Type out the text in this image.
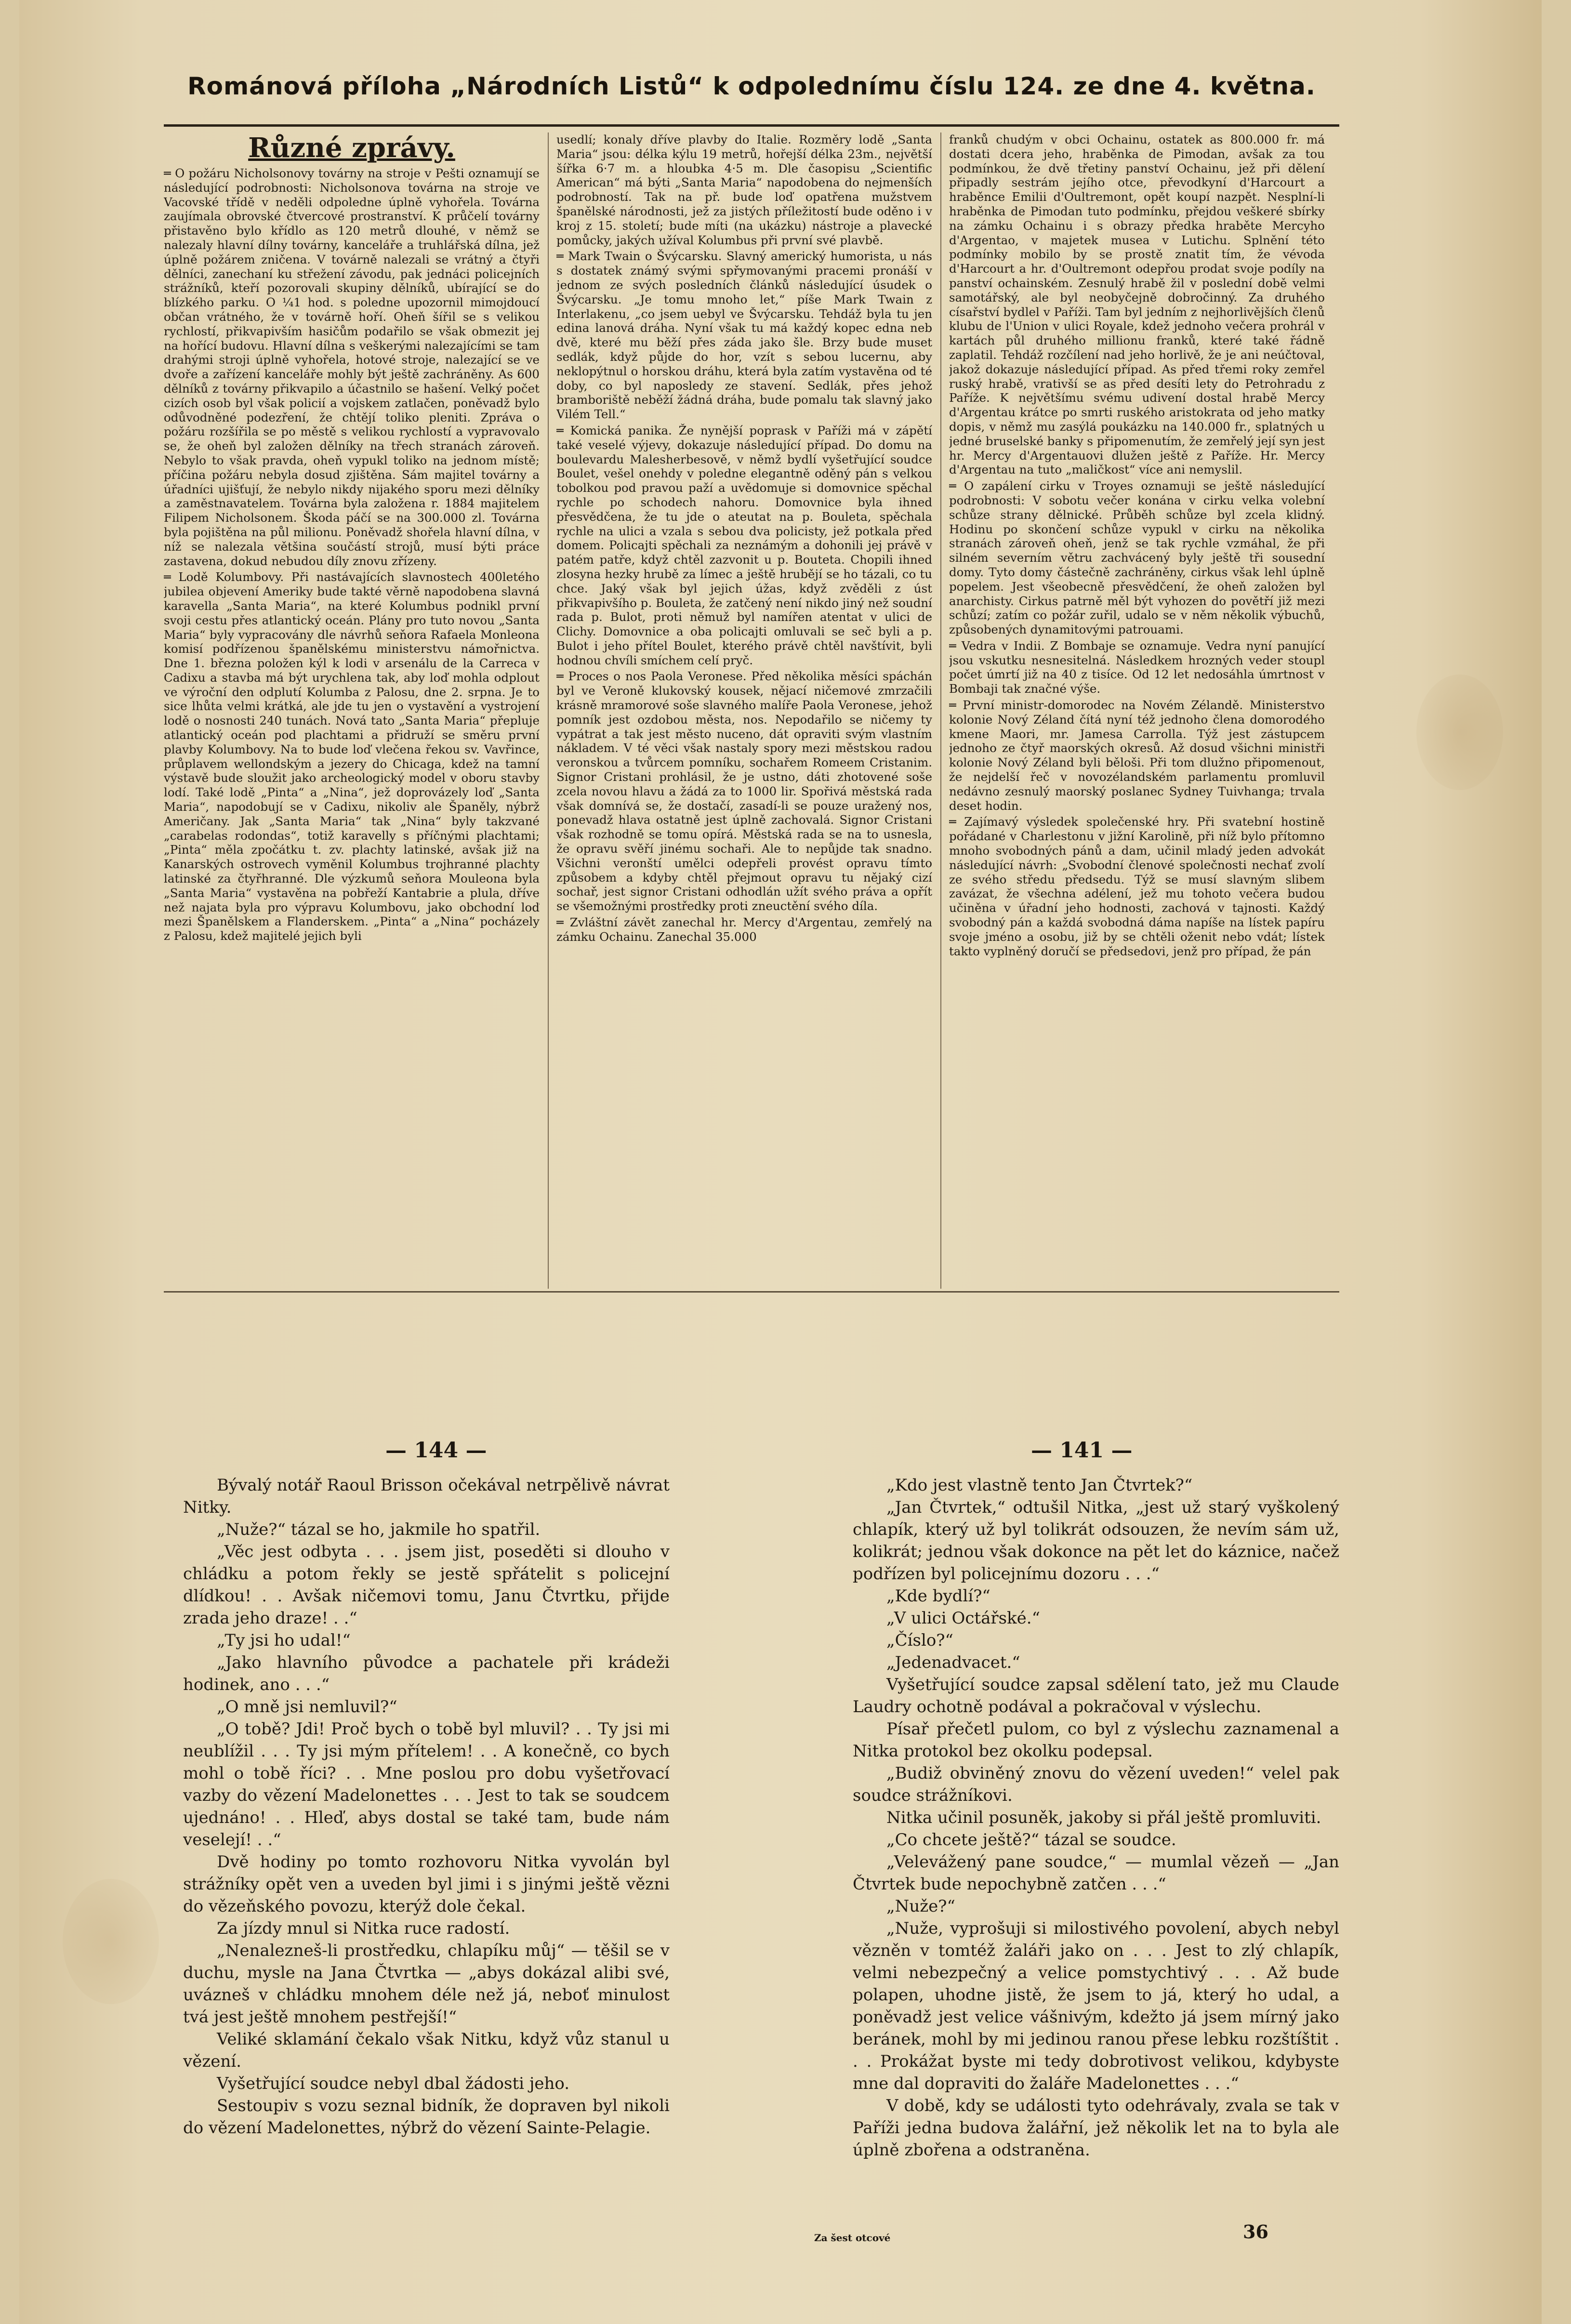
Románová příloha „Národních Listů“ k odpolednímu číslu 124. ze dne 4. května.
Různé zprávy.

═ O požáru Nicholsonovy továrny na stroje v Pešti oznamují se následující podrobnosti: Nicholsonova továrna na stroje ve Vacovské třídě v neděli odpoledne úplně vyhořela. Továrna zaujímala obrovské čtvercové prostranství. K průčelí továrny přistavěno bylo křídlo as 120 metrů dlouhé, v němž se nalezaly hlavní dílny továrny, kanceláře a truhlářská dílna, jež úplně požárem zničena. V továrně nalezali se vrátný a čtyři dělníci, zanechaní ku střežení závodu, pak jednáci policejních strážníků, kteří pozorovali skupiny dělníků, ubírající se do blízkého parku. O ¼1 hod. s poledne upozornil mimojdoucí občan vrátného, že v továrně hoří. Oheň šířil se s velikou rychlostí, přikvapivším hasičům podařilo se však obmezit jej na hořící budovu. Hlavní dílna s veškerými nalezajícími se tam drahými stroji úplně vyhořela, hotové stroje, nalezající se ve dvoře a zařízení kanceláře mohly být ještě zachráněny. As 600 dělníků z továrny přikvapilo a účastnilo se hašení. Velký počet cizích osob byl však policií a vojskem zatlačen, poněvadž bylo odůvodněné podezření, že chtějí toliko pleniti. Zpráva o požáru rozšířila se po městě s velikou rychlostí a vypravovalo se, že oheň byl založen dělníky na třech stranách zároveň. Nebylo to však pravda, oheň vypukl toliko na jednom místě; příčina požáru nebyla dosud zjištěna. Sám majitel továrny a úřadníci ujišťují, že nebylo nikdy nijakého sporu mezi dělníky a zaměstnavatelem. Továrna byla založena r. 1884 majitelem Filipem Nicholsonem. Škoda páčí se na 300.000 zl. Továrna byla pojištěna na půl milionu. Poněvadž shořela hlavní dílna, v níž se nalezala většina součástí strojů, musí býti práce zastavena, dokud nebudou díly znovu zřízeny.

═ Lodě Kolumbovy. Při nastávajících slavnostech 400letého jubilea objevení Ameriky bude takté věrně napodobena slavná karavella „Santa Maria“, na které Kolumbus podnikl první svoji cestu přes atlantický oceán. Plány pro tuto novou „Santa Maria“ byly vypracovány dle návrhů seňora Rafaela Monleona komisí podřízenou španělskému ministerstvu námořnictva. Dne 1. března položen kýl k lodi v arsenálu de la Carreca v Cadixu a stavba má být urychlena tak, aby loď mohla odplout ve výroční den odplutí Kolumba z Palosu, dne 2. srpna. Je to sice lhůta velmi krátká, ale jde tu jen o vystavění a vystrojení lodě o nosnosti 240 tunách. Nová tato „Santa Maria“ přepluje atlantický oceán pod plachtami a přidruží se směru první plavby Kolumbovy. Na to bude loď vlečena řekou sv. Vavřince, průplavem wellondským a jezery do Chicaga, kdež na tamní výstavě bude sloužit jako archeologický model v oboru stavby lodí. Také lodě „Pinta“ a „Nina“, jež doprovázely loď „Santa Maria“, napodobují se v Cadixu, nikoliv ale Španěly, nýbrž Američany. Jak „Santa Maria“ tak „Nina“ byly takzvané „carabelas rodondas“, totiž karavelly s příčnými plachtami; „Pinta“ měla zpočátku t. zv. plachty latinské, avšak již na Kanarských ostrovech vyměnil Kolumbus trojhranné plachty latinské za čtyřhranné. Dle výzkumů seňora Mouleona byla „Santa Maria“ vystavěna na pobřeží Kantabrie a plula, dříve než najata byla pro výpravu Kolumbovu, jako obchodní loď mezi Španělskem a Flanderskem. „Pinta“ a „Nina“ pocházely z Palosu, kdež majitelé jejich byli

usedlí; konaly dříve plavby do Italie. Rozměry lodě „Santa Maria“ jsou: délka kýlu 19 metrů, hořejší délka 23m., největší šířka 6·7 m. a hloubka 4·5 m. Dle časopisu „Scientific American“ má býti „Santa Maria“ napodobena do nejmenších podrobností. Tak na př. bude loď opatřena mužstvem španělské národnosti, jež za jistých příležitostí bude oděno i v kroj z 15. století; bude míti (na ukázku) nástroje a plavecké pomůcky, jakých užíval Kolumbus při první své plavbě.

═ Mark Twain o Švýcarsku. Slavný americký humorista, u nás s dostatek známý svými spřymovanými pracemi pronáší v jednom ze svých posledních článků následující úsudek o Švýcarsku. „Je tomu mnoho let,“ píše Mark Twain z Interlakenu, „co jsem uebyl ve Švýcarsku. Tehdáž byla tu jen edina lanová dráha. Nyní však tu má každý kopec edna neb dvě, které mu běží přes záda jako šle. Brzy bude muset sedlák, když půjde do hor, vzít s sebou lucernu, aby neklopýtnul o horskou dráhu, která byla zatím vystavěna od té doby, co byl naposledy ze stavení. Sedlák, přes jehož bramboriště neběží žádná dráha, bude pomalu tak slavný jako Vilém Tell.“

═ Komická panika. Že nynější poprask v Paříži má v zápětí také veselé výjevy, dokazuje následující případ. Do domu na boulevardu Malesherbesově, v němž bydlí vyšetřující soudce Boulet, vešel onehdy v poledne elegantně oděný pán s velkou tobolkou pod pravou paží a uvědomuje si domovnice spěchal rychle po schodech nahoru. Domovnice byla ihned přesvědčena, že tu jde o ateutat na p. Bouleta, spěchala rychle na ulici a vzala s sebou dva policisty, jež potkala před domem. Policajti spěchali za neznámým a dohonili jej právě v patém patře, když chtěl zazvonit u p. Bouteta. Chopili ihned zlosyna hezky hrubě za límec a ještě hrubějí se ho tázali, co tu chce. Jaký však byl jejich úžas, když zvěděli z úst přikvapivšího p. Bouleta, že zatčený není nikdo jiný než soudní rada p. Bulot, proti němuž byl namířen atentat v ulici de Clichy. Domovnice a oba policajti omluvali se seč byli a p. Bulot i jeho přítel Boulet, kterého právě chtěl navštívit, byli hodnou chvíli smíchem celí pryč.

═ Proces o nos Paola Veronese. Před několika měsíci spáchán byl ve Veroně klukovský kousek, nějací ničemové zmrzačili krásně mramorové soše slavného malíře Paola Veronese, jehož pomník jest ozdobou města, nos. Nepodařilo se ničemy ty vypátrat a tak jest město nuceno, dát opraviti svým vlastním nákladem. V té věci však nastaly spory mezi městskou radou veronskou a tvůrcem pomníku, sochařem Romeem Cristanim. Signor Cristani prohlásil, že je ustno, dáti zhotovené soše zcela novou hlavu a žádá za to 1000 lir. Spořivá městská rada však domnívá se, že dostačí, zasadí-li se pouze uražený nos, ponevadž hlava ostatně jest úplně zachovalá. Signor Cristani však rozhodně se tomu opírá. Městská rada se na to usnesla, že opravu svěří jinému sochaři. Ale to nepůjde tak snadno. Všichni veronští umělci odepřeli provést opravu tímto způsobem a kdyby chtěl přejmout opravu tu nějaký cizí sochař, jest signor Cristani odhodlán užít svého práva a opřít se všemožnými prostředky proti zneuctění svého díla.

═ Zvláštní závět zanechal hr. Mercy d'Argentau, zemřelý na zámku Ochainu. Zanechal 35.000

franků chudým v obci Ochainu, ostatek as 800.000 fr. má dostati dcera jeho, hraběnka de Pimodan, avšak za tou podmínkou, že dvě třetiny panství Ochainu, jež při dělení připadly sestrám jejího otce, převodkyní d'Harcourt a hraběnce Emilii d'Oultremont, opět koupí nazpět. Nesplní-li hraběnka de Pimodan tuto podmínku, přejdou veškeré sbírky na zámku Ochainu i s obrazy předka hraběte Mercyho d'Argentao, v majetek musea v Lutichu. Splnění této podmínky mobilo by se prostě znatit tím, že vévoda d'Harcourt a hr. d'Oultremont odepřou prodat svoje podíly na panství ochainském. Zesnulý hrabě žil v poslední době velmi samotářský, ale byl neobyčejně dobročinný. Za druhého císařství bydlel v Paříži. Tam byl jedním z nejhorlivějších členů klubu de l'Union v ulici Royale, kdež jednoho večera prohrál v kartách půl druhého millionu franků, které také řádně zaplatil. Tehdáž rozčílení nad jeho horlivě, že je ani neúčtoval, jakož dokazuje následující případ. As před třemi roky zemřel ruský hrabě, vrativší se as před desíti lety do Petrohradu z Paříže. K největšímu svému udivení dostal hrabě Mercy d'Argentau krátce po smrti ruského aristokrata od jeho matky dopis, v němž mu zasýlá poukázku na 140.000 fr., splatných u jedné bruselské banky s připomenutím, že zemřelý její syn jest hr. Mercy d'Argentauovi dlužen ještě z Paříže. Hr. Mercy d'Argentau na tuto „maličkost“ více ani nemyslil.

═ O zapálení cirku v Troyes oznamuji se ještě následující podrobnosti: V sobotu večer konána v cirku velka volební schůze strany dělnické. Průběh schůze byl zcela klidný. Hodinu po skončení schůze vypukl v cirku na několika stranách zároveň oheň, jenž se tak rychle vzmáhal, že při silném severním větru zachvácený byly ještě tři sousední domy. Tyto domy částečně zachráněny, cirkus však lehl úplně popelem. Jest všeobecně přesvědčení, že oheň založen byl anarchisty. Cirkus patrně měl být vyhozen do povětří již mezi schůzí; zatím co požár zuřil, udalo se v něm několik výbuchů, způsobených dynamitovými patrouami.

═ Vedra v Indii. Z Bombaje se oznamuje. Vedra nyní panující jsou vskutku nesnesitelná. Následkem hrozných veder stoupl počet úmrtí již na 40 z tisíce. Od 12 let nedosáhla úmrtnost v Bombaji tak značné výše.

═ První ministr-domorodec na Novém Zélandě. Ministerstvo kolonie Nový Zéland čítá nyní též jednoho člena domorodého kmene Maori, mr. Jamesa Carrolla. Týž jest zástupcem jednoho ze čtyř maorských okresů. Až dosud všichni ministři kolonie Nový Zéland byli běloši. Při tom dlužno připomenout, že nejdelší řeč v novozélandském parlamentu promluvil nedávno zesnulý maorský poslanec Sydney Tuivhanga; trvala deset hodin.

═ Zajímavý výsledek společenské hry. Při svatební hostině pořádané v Charlestonu v jižní Karolině, při níž bylo přítomno mnoho svobodných pánů a dam, učinil mladý jeden advokát následující návrh: „Svobodní členové společnosti nechať zvolí ze svého středu předsedu. Týž se musí slavným slibem zavázat, že všechna adélení, jež mu tohoto večera budou učiněna v úřadní jeho hodnosti, zachová v tajnosti. Každý svobodný pán a každá svobodná dáma napíše na lístek papíru svoje jméno a osobu, již by se chtěli oženit nebo vdát; lístek takto vyplněný doručí se předsedovi, jenž pro případ, že pán

— 144 —	— 141 —

Bývalý notář Raoul Brisson očekával netrpělivě návrat Nitky.

„Nuže?“ tázal se ho, jakmile ho spatřil.

„Věc jest odbyta . . . jsem jist, poseděti si dlouho v chládku a potom řekly se jestě spřátelit s policejní dlídkou! . . Avšak ničemovi tomu, Janu Čtvrtku, přijde zrada jeho draze! . .“

„Ty jsi ho udal!“

„Jako hlavního původce a pachatele při krádeži hodinek, ano . . .“

„O mně jsi nemluvil?“

„O tobě? Jdi! Proč bych o tobě byl mluvil? . . Ty jsi mi neublížil . . . Ty jsi mým přítelem! . . A konečně, co bych mohl o tobě říci? . . Mne poslou pro dobu vyšetřovací vazby do vězení Madelonettes . . . Jest to tak se soudcem ujednáno! . . Hleď, abys dostal se také tam, bude nám veselejí! . .“

Dvě hodiny po tomto rozhovoru Nitka vyvolán byl strážníky opět ven a uveden byl jimi i s jinými ještě vězni do vězeňského povozu, kterýž dole čekal.

Za jízdy mnul si Nitka ruce radostí.

„Nenalezneš-li prostředku, chlapíku můj“ — těšil se v duchu, mysle na Jana Čtvrtka — „abys dokázal alibi své, uvázneš v chládku mnohem déle než já, neboť minulost tvá jest ještě mnohem pestřejší!“

Veliké sklamání čekalo však Nitku, když vůz stanul u vězení.

Vyšetřující soudce nebyl dbal žádosti jeho.

Sestoupiv s vozu seznal bidník, že dopraven byl nikoli do vězení Madelonettes, nýbrž do vězení Sainte-Pelagie.

„Kdo jest vlastně tento Jan Čtvrtek?“

„Jan Čtvrtek,“ odtušil Nitka, „jest už starý vyškolený chlapík, který už byl tolikrát odsouzen, že nevím sám už, kolikrát; jednou však dokonce na pět let do káznice, načež podřízen byl policejnímu dozoru . . .“

„Kde bydlí?“

„V ulici Octářské.“

„Číslo?“

„Jedenadvacet.“

Vyšetřující soudce zapsal sdělení tato, jež mu Claude Laudry ochotně podával a pokračoval v výslechu.

Písař přečetl pulom, co byl z výslechu zaznamenal a Nitka protokol bez okolku podepsal.

„Budiž obviněný znovu do vězení uveden!“ velel pak soudce strážníkovi.

Nitka učinil posuněk, jakoby si přál ještě promluviti.

„Co chcete ještě?“ tázal se soudce.

„Velevážený pane soudce,“ — mumlal vězeň — „Jan Čtvrtek bude nepochybně zatčen . . .“

„Nuže?“

„Nuže, vyprošuji si milostivého povolení, abych nebyl vězněn v tomtéž žaláři jako on . . . Jest to zlý chlapík, velmi nebezpečný a velice pomstychtivý . . . Až bude polapen, uhodne jistě, že jsem to já, který ho udal, a poněvadž jest velice vášnivým, kdežto já jsem mírný jako beránek, mohl by mi jedinou ranou přese lebku rozštíštit . . . Prokážat byste mi tedy dobrotivost velikou, kdybyste mne dal dopraviti do žaláře Madelonettes . . .“

V době, kdy se události tyto odehrávaly, zvala se tak v Paříži jedna budova žalářní, jež několik let na to byla ale úplně zbořena a odstraněna.

Za šest otcové	36
